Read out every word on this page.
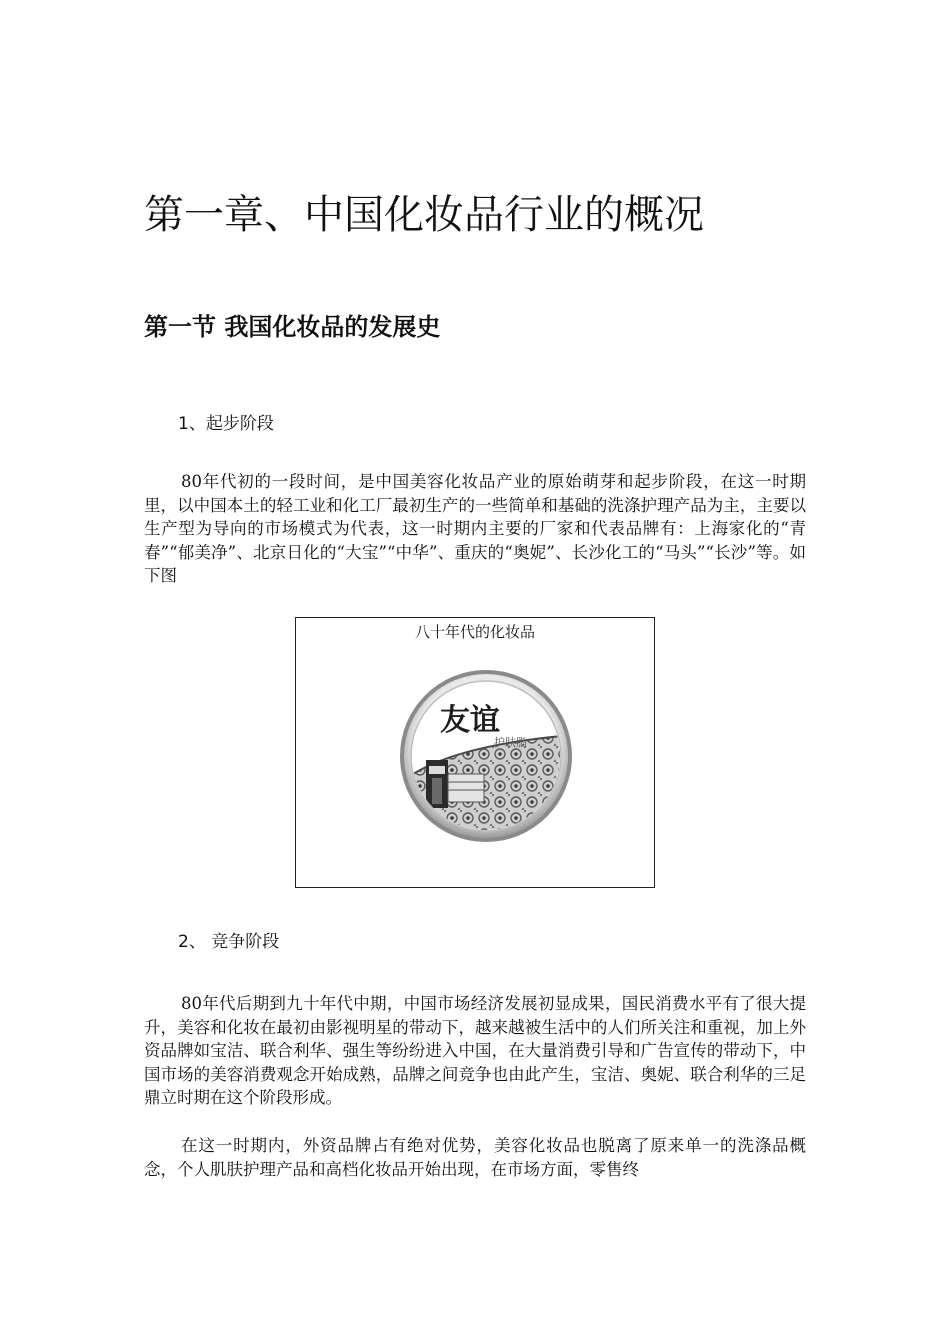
第一章、中国化妆品行业的概况
第一节 我国化妆品的发展史

1、起步阶段

80年代初的一段时间，是中国美容化妆品产业的原始萌芽和起步阶段，在这一时期里，以中国本土的轻工业和化工厂最初生产的一些简单和基础的洗涤护理产品为主，主要以生产型为导向的市场模式为代表，这一时期内主要的厂家和代表品牌有：上海家化的“青春”“郁美净”、北京日化的“大宝”“中华”、重庆的“奥妮”、长沙化工的“马头”“长沙”等。如下图

八十年代的化妆品
友谊
护肤脂

2、 竞争阶段

80年代后期到九十年代中期，中国市场经济发展初显成果，国民消费水平有了很大提升，美容和化妆在最初由影视明星的带动下，越来越被生活中的人们所关注和重视，加上外资品牌如宝洁、联合利华、强生等纷纷进入中国，在大量消费引导和广告宣传的带动下，中国市场的美容消费观念开始成熟，品牌之间竞争也由此产生，宝洁、奥妮、联合利华的三足鼎立时期在这个阶段形成。

在这一时期内，外资品牌占有绝对优势，美容化妆品也脱离了原来单一的洗涤品概念，个人肌肤护理产品和高档化妆品开始出现，在市场方面，零售终
